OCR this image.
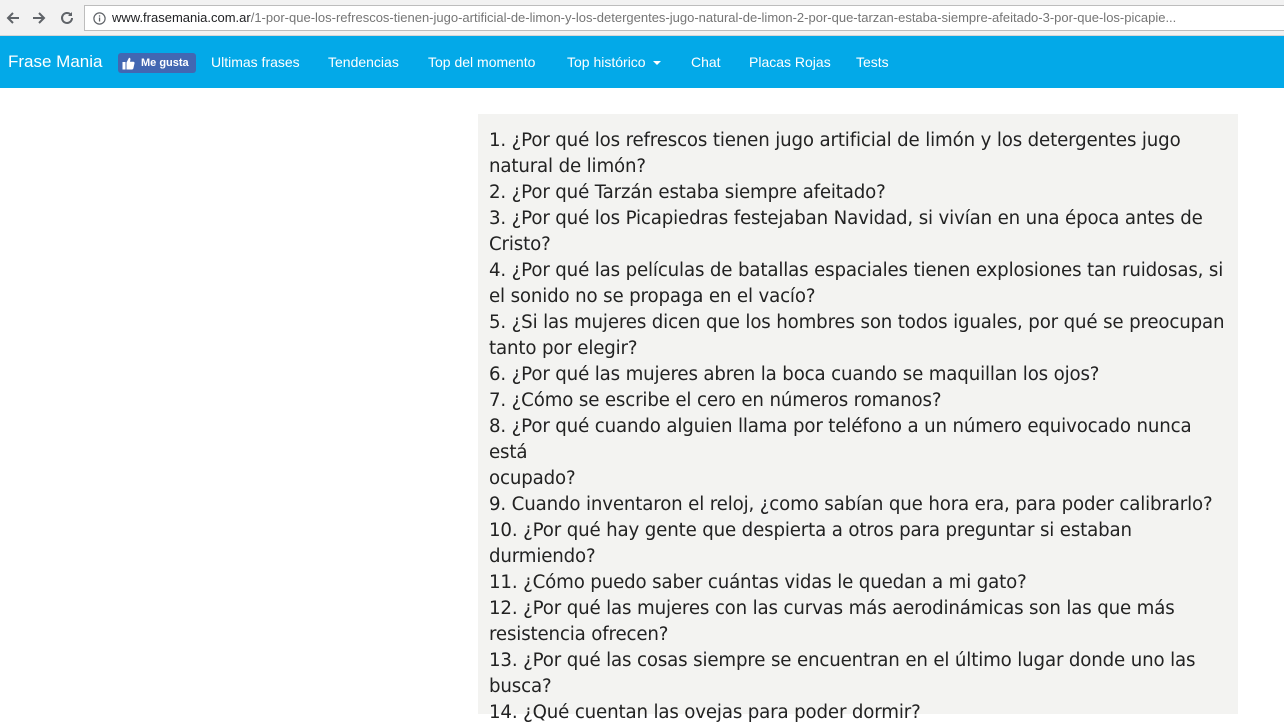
www.frasemania.com.ar/1-por-que-los-refrescos-tienen-jugo-artificial-de-limon-y-los-detergentes-jugo-natural-de-limon-2-por-que-tarzan-estaba-siempre-afeitado-3-por-que-los-picapie...
Frase Mania	Me gusta Ultimas frases Tendencias Top del momento Top histórico	Chat Placas Rojas Tests
1. ¿Por qué los refrescos tienen jugo artificial de limón y los detergentes jugo
natural de limón?
2. ¿Por qué Tarzán estaba siempre afeitado?
3. ¿Por qué los Picapiedras festejaban Navidad, si vivían en una época antes de
Cristo?
4. ¿Por qué las películas de batallas espaciales tienen explosiones tan ruidosas, si
el sonido no se propaga en el vacío?
5. ¿Si las mujeres dicen que los hombres son todos iguales, por qué se preocupan
tanto por elegir?
6. ¿Por qué las mujeres abren la boca cuando se maquillan los ojos?
7. ¿Cómo se escribe el cero en números romanos?
8. ¿Por qué cuando alguien llama por teléfono a un número equivocado nunca está
ocupado?
9. Cuando inventaron el reloj, ¿como sabían que hora era, para poder calibrarlo?
10. ¿Por qué hay gente que despierta a otros para preguntar si estaban
durmiendo?
11. ¿Cómo puedo saber cuántas vidas le quedan a mi gato?
12. ¿Por qué las mujeres con las curvas más aerodinámicas son las que más
resistencia ofrecen?
13. ¿Por qué las cosas siempre se encuentran en el último lugar donde uno las
busca?
14. ¿Qué cuentan las ovejas para poder dormir?
